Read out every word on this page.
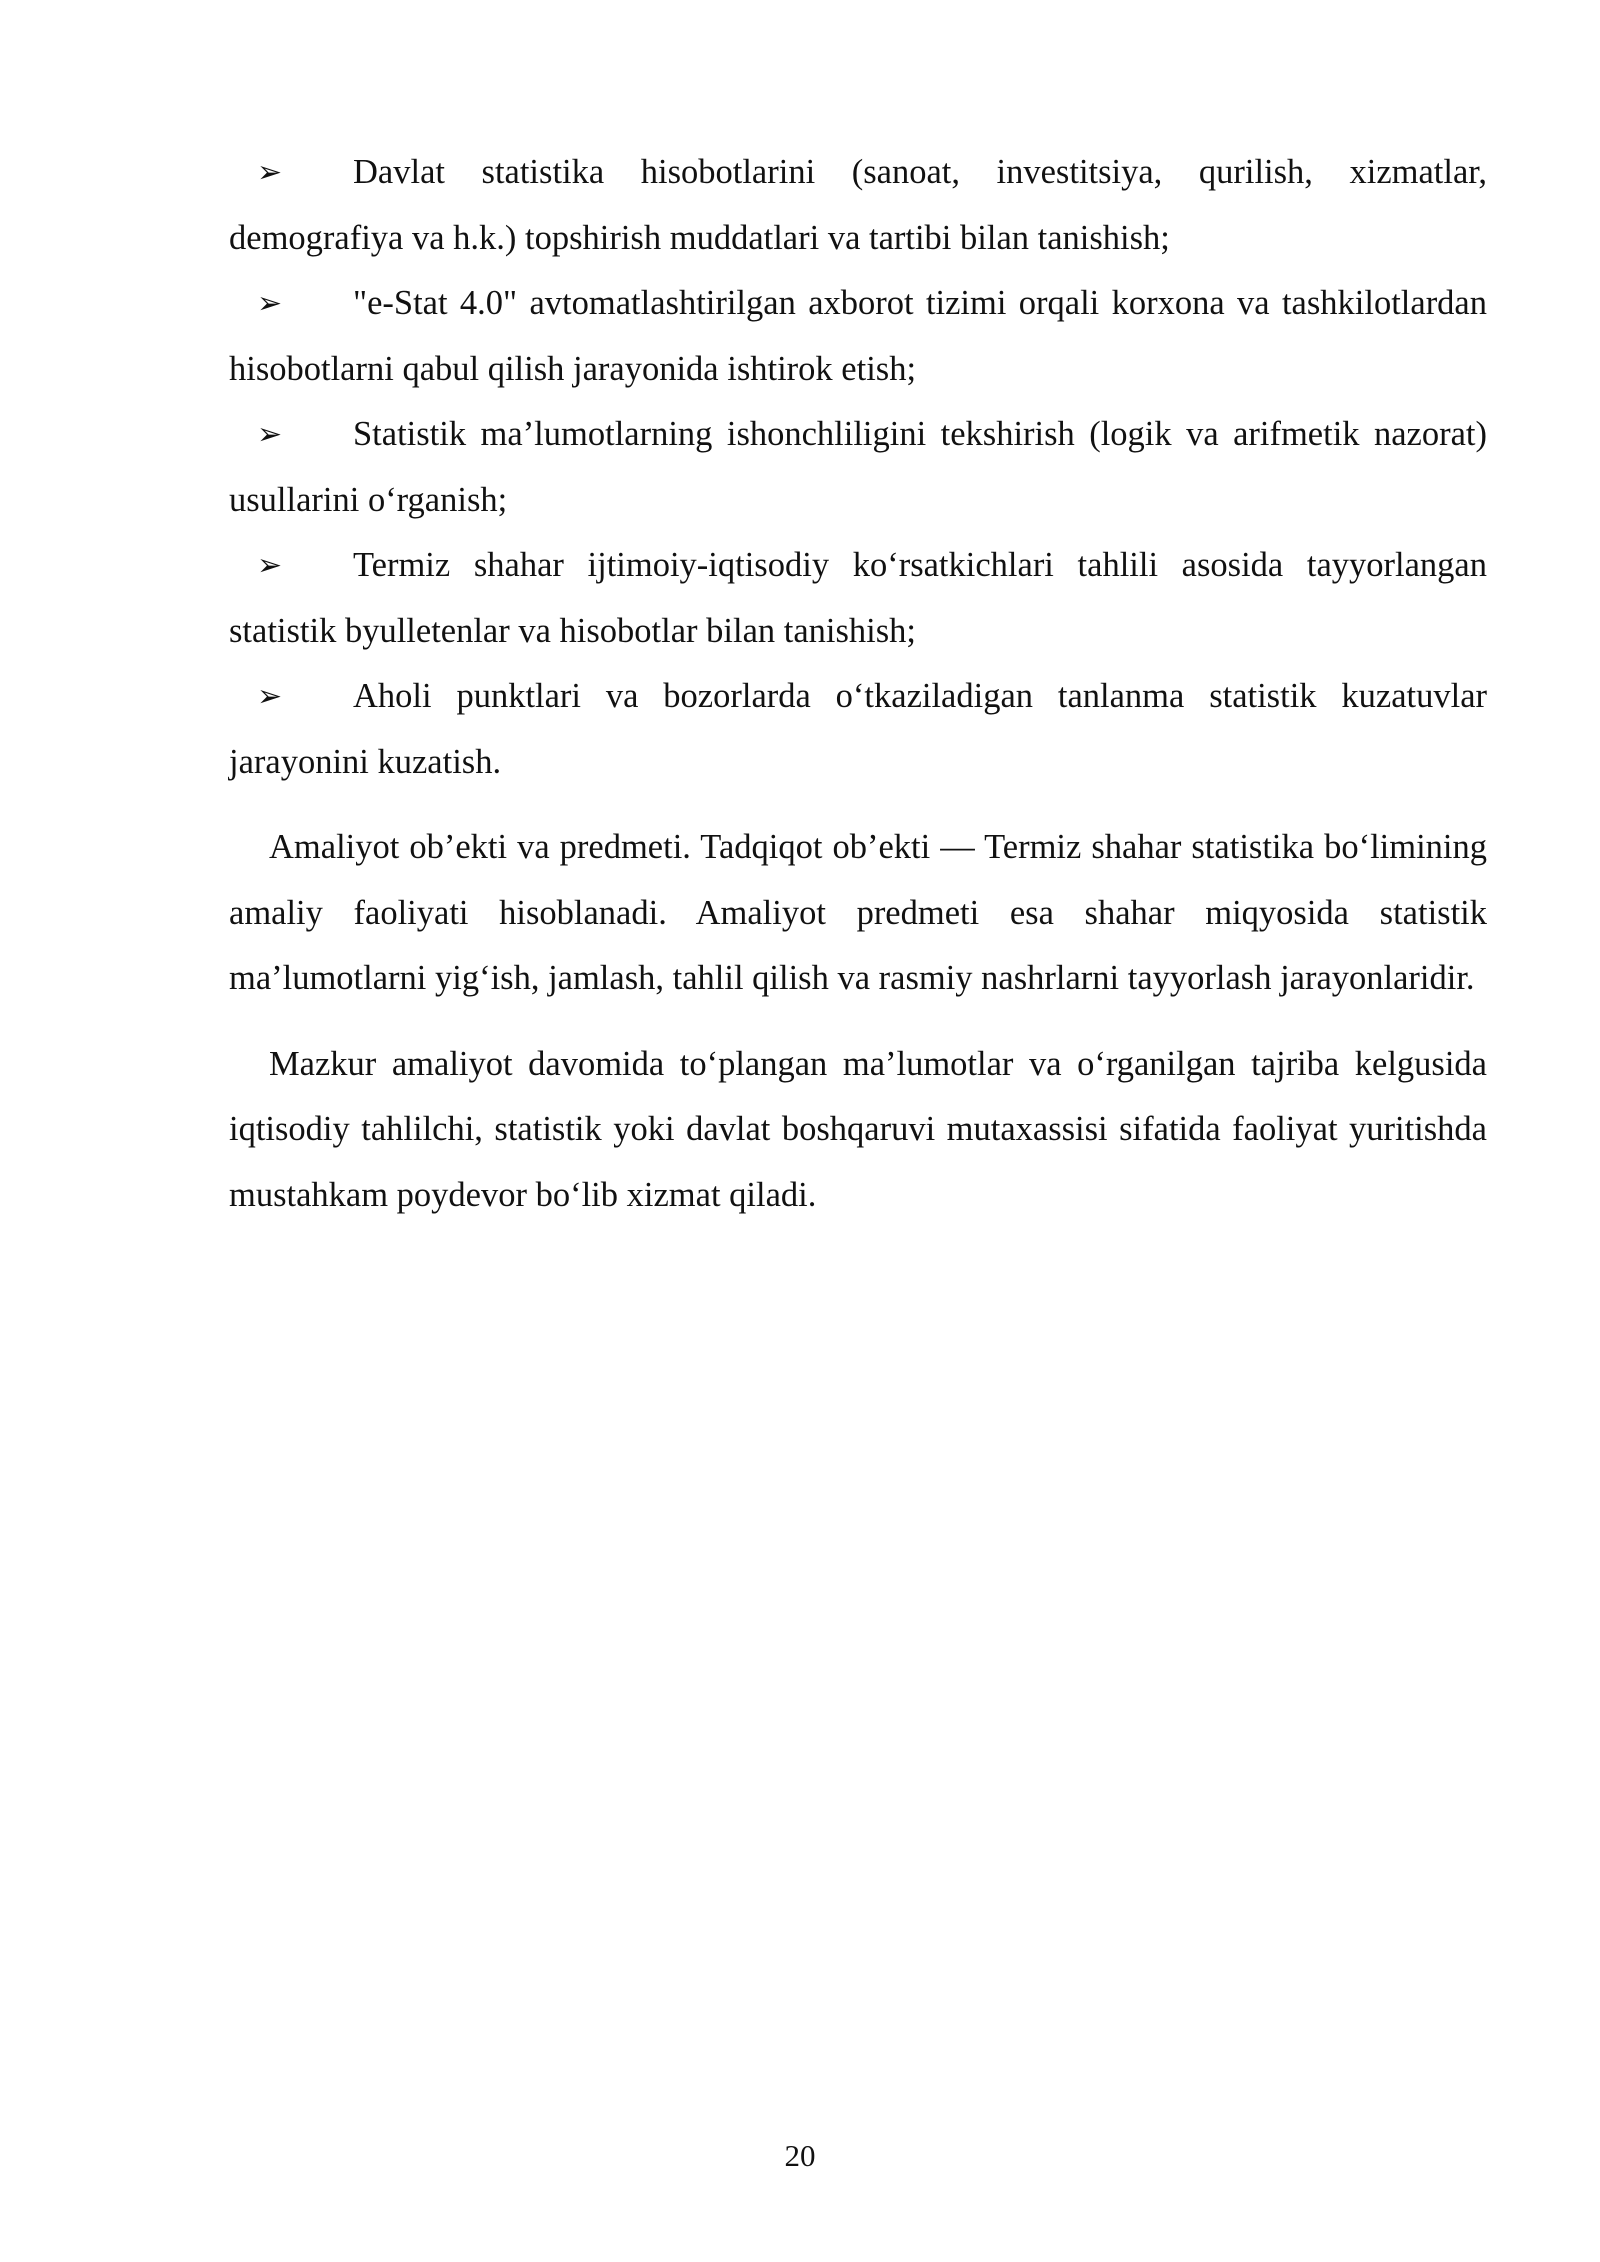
➢ Davlat statistika hisobotlarini (sanoat, investitsiya, qurilish, xizmatlar, demografiya va h.k.) topshirish muddatlari va tartibi bilan tanishish;

➢ "e-Stat 4.0" avtomatlashtirilgan axborot tizimi orqali korxona va tashkilotlardan hisobotlarni qabul qilish jarayonida ishtirok etish;

➢ Statistik ma’lumotlarning ishonchliligini tekshirish (logik va arifmetik nazorat) usullarini o‘rganish;

➢ Termiz shahar ijtimoiy-iqtisodiy ko‘rsatkichlari tahlili asosida tayyorlangan statistik byulletenlar va hisobotlar bilan tanishish;

➢ Aholi punktlari va bozorlarda o‘tkaziladigan tanlanma statistik kuzatuvlar jarayonini kuzatish.

Amaliyot ob’ekti va predmeti. Tadqiqot ob’ekti — Termiz shahar statistika bo‘limining amaliy faoliyati hisoblanadi. Amaliyot predmeti esa shahar miqyosida statistik ma’lumotlarni yig‘ish, jamlash, tahlil qilish va rasmiy nashrlarni tayyorlash jarayonlaridir.

Mazkur amaliyot davomida to‘plangan ma’lumotlar va o‘rganilgan tajriba kelgusida iqtisodiy tahlilchi, statistik yoki davlat boshqaruvi mutaxassisi sifatida faoliyat yuritishda mustahkam poydevor bo‘lib xizmat qiladi.

20
